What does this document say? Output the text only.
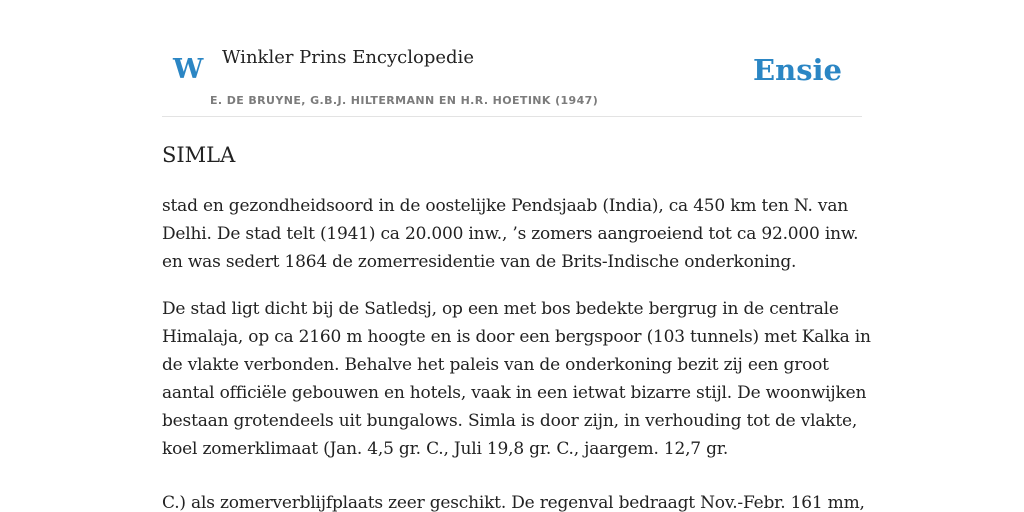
W Winkler Prins Encyclopedie
E. DE BRUYNE, G.B.J. HILTERMANN EN H.R. HOETINK (1947)
Ensie
SIMLA

stad en gezondheidsoord in de oostelijke Pendsjaab (India), ca 450 km ten N. van Delhi. De stad telt (1941) ca 20.000 inw., ’s zomers aangroeiend tot ca 92.000 inw. en was sedert 1864 de zomerresidentie van de Brits-Indische onderkoning.

De stad ligt dicht bij de Satledsj, op een met bos bedekte bergrug in de centrale Himalaja, op ca 2160 m hoogte en is door een bergspoor (103 tunnels) met Kalka in de vlakte verbonden. Behalve het paleis van de onderkoning bezit zij een groot aantal officiële gebouwen en hotels, vaak in een ietwat bizarre stijl. De woonwijken bestaan grotendeels uit bungalows. Simla is door zijn, in verhouding tot de vlakte, koel zomerklimaat (Jan. 4,5 gr. C., Juli 19,8 gr. C., jaargem. 12,7 gr.

C.) als zomerverblijfplaats zeer geschikt. De regenval bedraagt Nov.-Febr. 161 mm,
